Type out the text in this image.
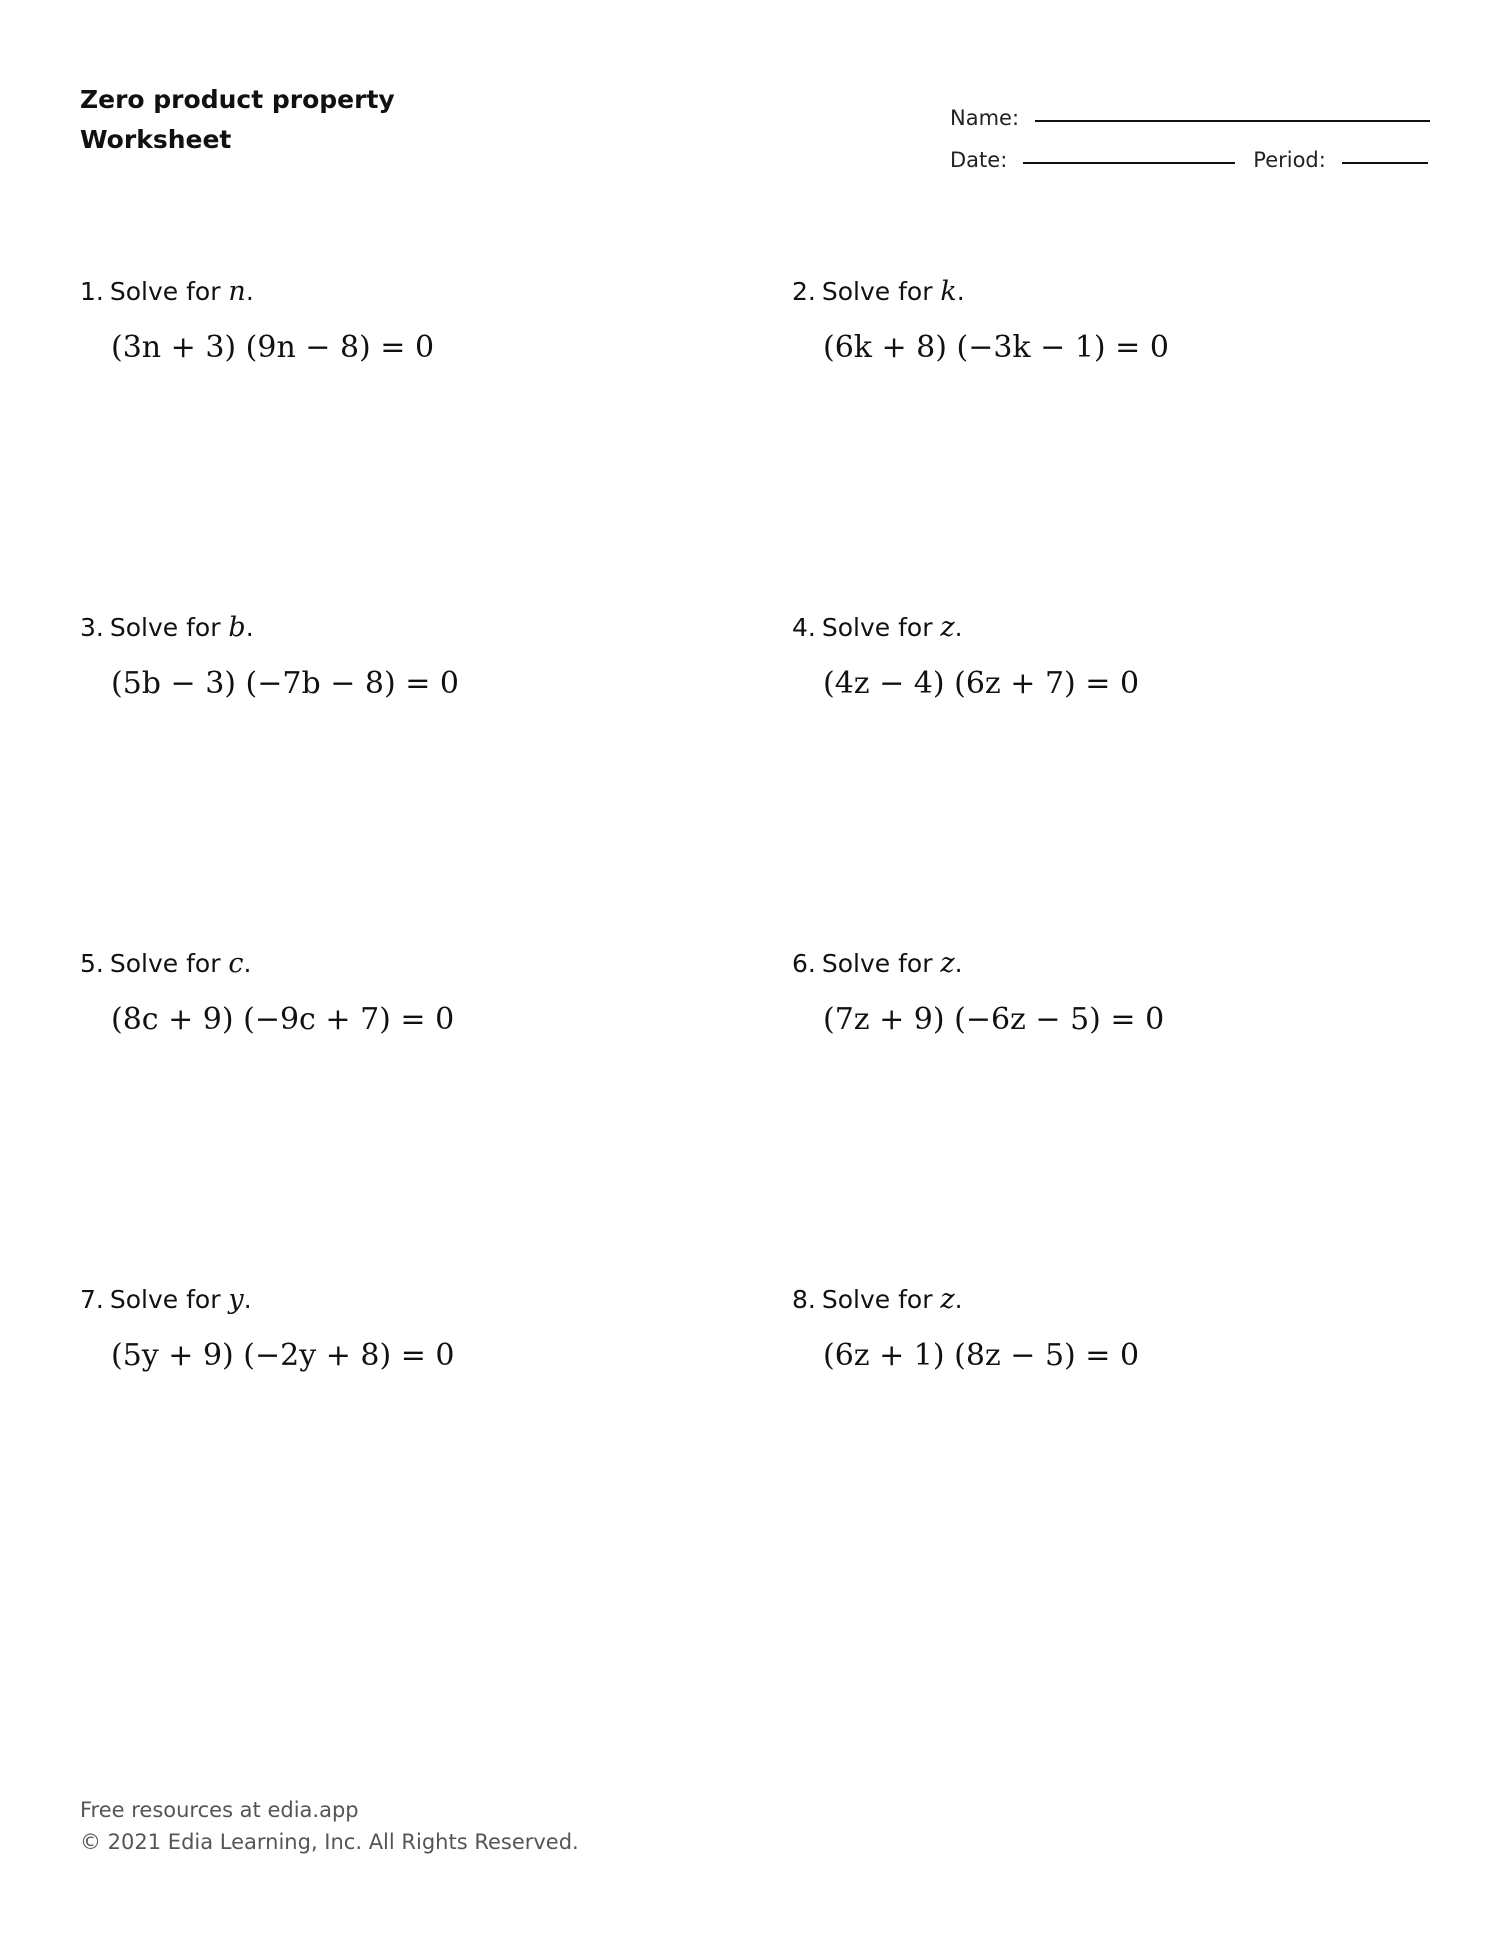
Zero product property
Worksheet
Name:
Date:	Period:
1. Solve for n.
(3n + 3) (9n − 8) = 0
2. Solve for k.
(6k + 8) (−3k − 1) = 0
3. Solve for b.
(5b − 3) (−7b − 8) = 0
4. Solve for z.
(4z − 4) (6z + 7) = 0
5. Solve for c.
(8c + 9) (−9c + 7) = 0
6. Solve for z.
(7z + 9) (−6z − 5) = 0
7. Solve for y.
(5y + 9) (−2y + 8) = 0
8. Solve for z.
(6z + 1) (8z − 5) = 0
Free resources at edia.app
© 2021 Edia Learning, Inc. All Rights Reserved.
